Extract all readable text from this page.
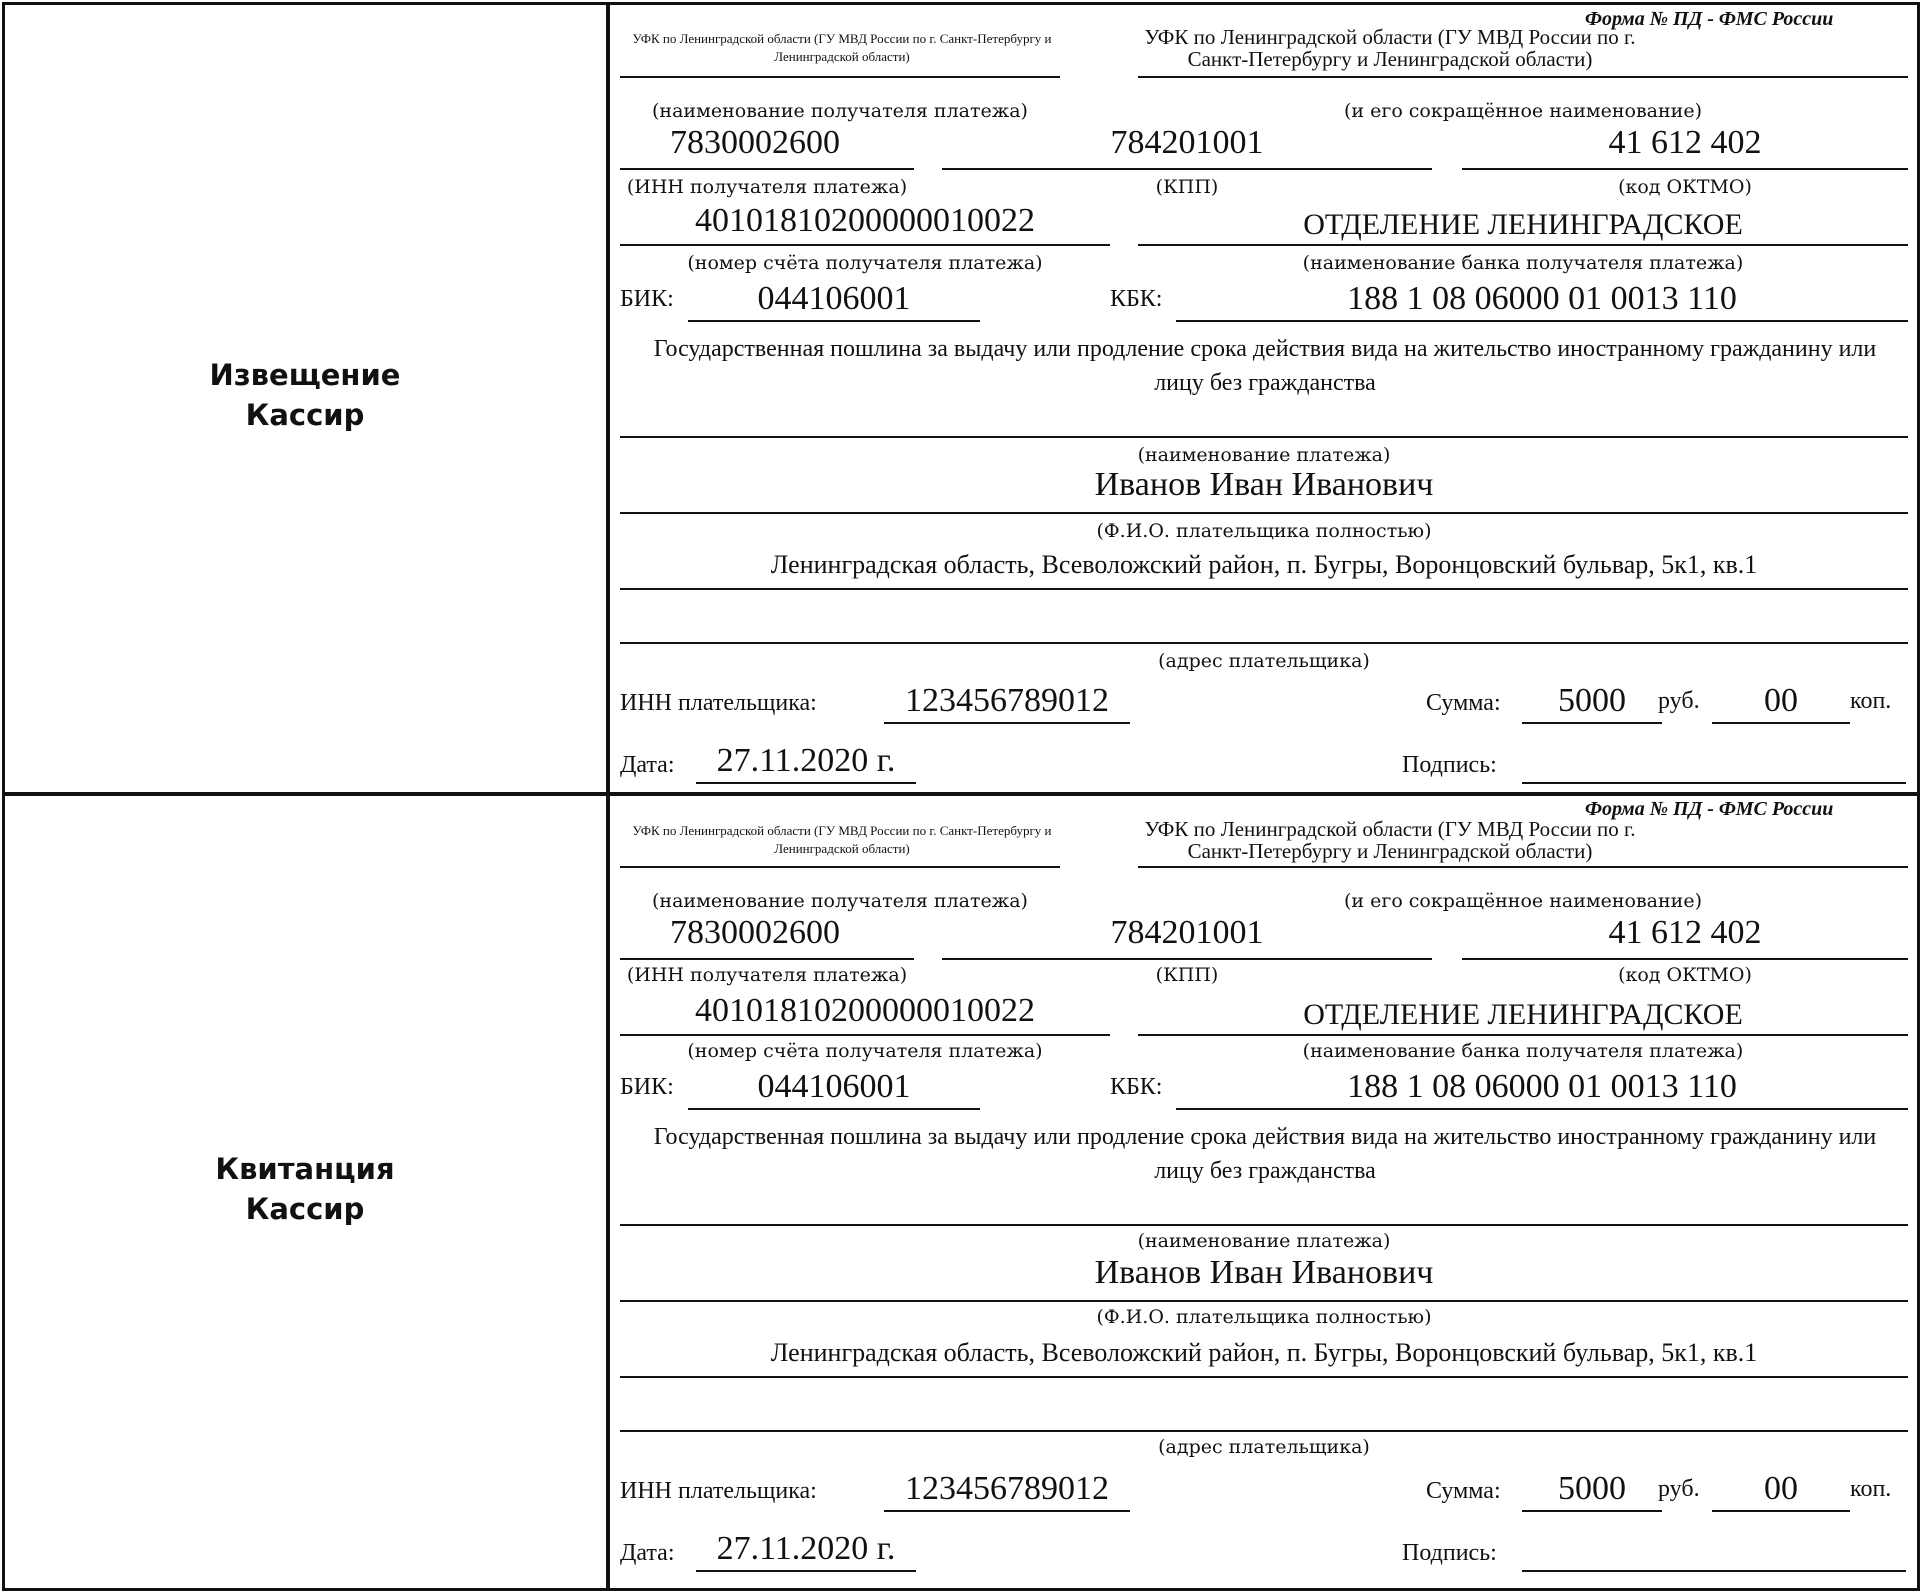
Извещение
Кассир
Форма № ПД - ФМС России
УФК по Ленинградской области (ГУ МВД России по г. Санкт-Петербургу и Ленинградской области)
(наименование получателя платежа)
УФК по Ленинградской области (ГУ МВД России по г. Санкт-Петербургу и Ленинградской области)
(и его сокращённое наименование)
7830002600
(ИНН получателя платежа)
784201001
(КПП)
41 612 402
(код ОКТМО)
40101810200000010022
(номер счёта получателя платежа)
ОТДЕЛЕНИЕ ЛЕНИНГРАДСКОЕ
(наименование банка получателя платежа)
БИК:	044106001	КБК:	188 1 08 06000 01 0013 110
Государственная пошлина за выдачу или продление срока действия вида на жительство иностранному гражданину или лицу без гражданства
(наименование платежа)
Иванов Иван Иванович
(Ф.И.О. плательщика полностью)
Ленинградская область, Всеволожский район, п. Бугры, Воронцовский бульвар, 5к1, кв.1
(адрес плательщика)
ИНН плательщика:	123456789012	Сумма:	5000	руб.	00	коп.
Дата:	27.11.2020 г.	Подпись:
Квитанция
Кассир
Форма № ПД - ФМС России
УФК по Ленинградской области (ГУ МВД России по г. Санкт-Петербургу и Ленинградской области)
(наименование получателя платежа)
УФК по Ленинградской области (ГУ МВД России по г. Санкт-Петербургу и Ленинградской области)
(и его сокращённое наименование)
7830002600
(ИНН получателя платежа)
784201001
(КПП)
41 612 402
(код ОКТМО)
40101810200000010022
(номер счёта получателя платежа)
ОТДЕЛЕНИЕ ЛЕНИНГРАДСКОЕ
(наименование банка получателя платежа)
БИК:	044106001	КБК:	188 1 08 06000 01 0013 110
Государственная пошлина за выдачу или продление срока действия вида на жительство иностранному гражданину или лицу без гражданства
(наименование платежа)
Иванов Иван Иванович
(Ф.И.О. плательщика полностью)
Ленинградская область, Всеволожский район, п. Бугры, Воронцовский бульвар, 5к1, кв.1
(адрес плательщика)
ИНН плательщика:	123456789012	Сумма:	5000	руб.	00	коп.
Дата:	27.11.2020 г.	Подпись:
